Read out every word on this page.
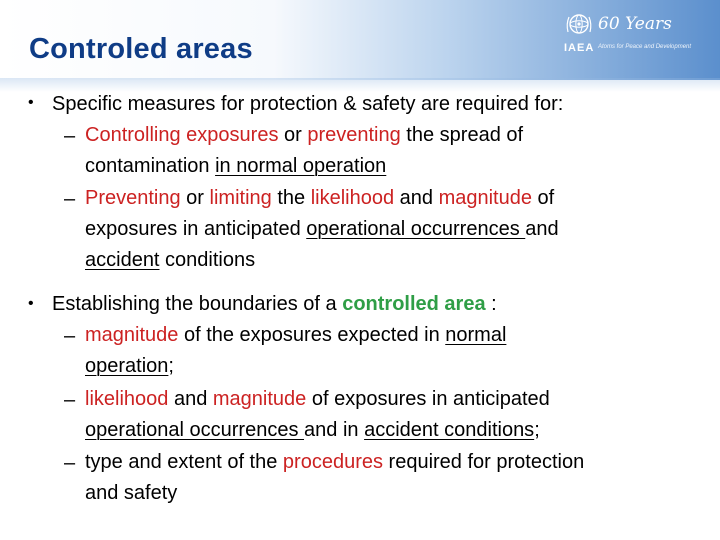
Controled areas
60 Years
IAEA Atoms for Peace and Development
• Specific measures for protection & safety are required for:
– Controlling exposures or preventing the spread of
contamination in normal operation
– Preventing or limiting the likelihood and magnitude of
exposures in anticipated operational occurrences and
accident conditions
• Establishing the boundaries of a controlled area :
– magnitude of the exposures expected in normal
operation;
– likelihood and magnitude of exposures in anticipated
operational occurrences and in accident conditions;
– type and extent of the procedures required for protection
and safety
